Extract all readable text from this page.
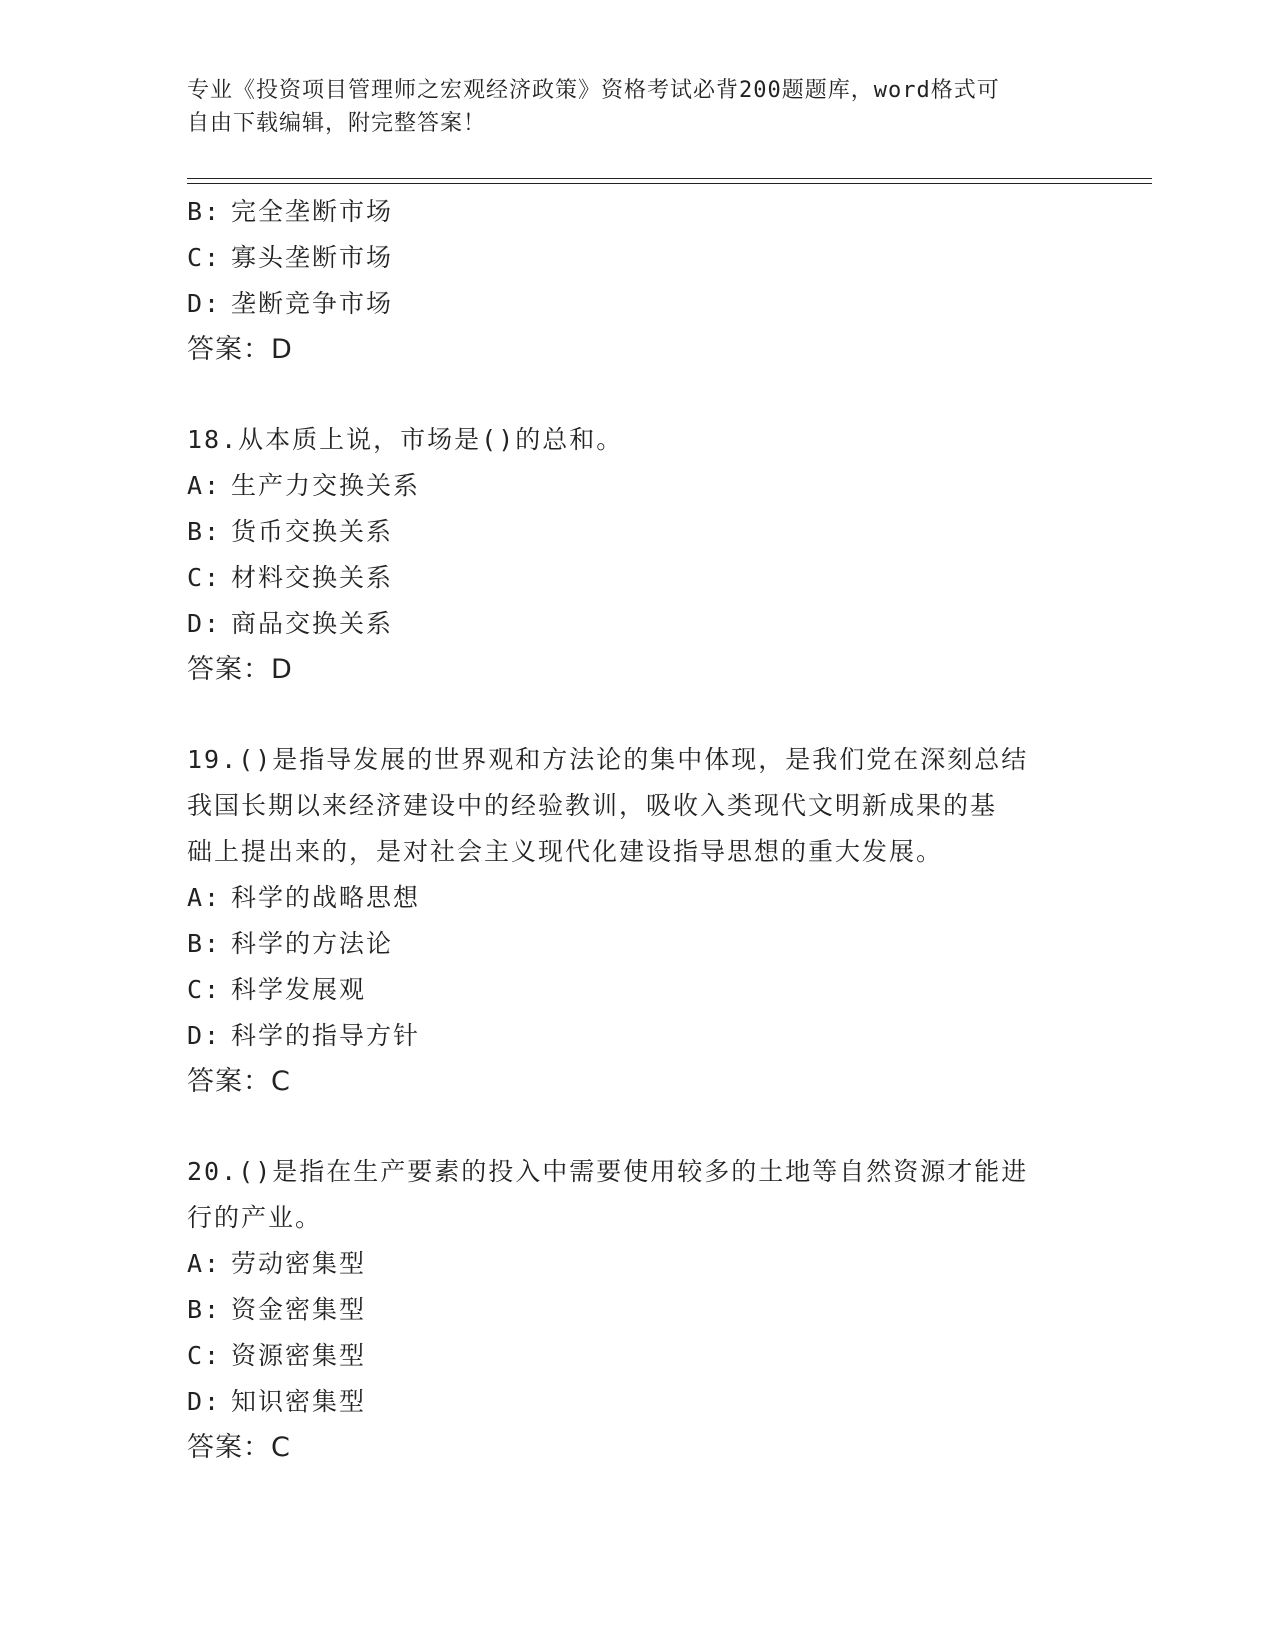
专业《投资项目管理师之宏观经济政策》资格考试必背200题题库，word格式可
自由下载编辑，附完整答案！
B: 完全垄断市场
C: 寡头垄断市场
D: 垄断竞争市场
答案：D
18.从本质上说，市场是()的总和。
A: 生产力交换关系
B: 货币交换关系
C: 材料交换关系
D: 商品交换关系
答案：D
19.()是指导发展的世界观和方法论的集中体现，是我们党在深刻总结
我国长期以来经济建设中的经验教训，吸收入类现代文明新成果的基
础上提出来的，是对社会主义现代化建设指导思想的重大发展。
A: 科学的战略思想
B: 科学的方法论
C: 科学发展观
D: 科学的指导方针
答案：C
20.()是指在生产要素的投入中需要使用较多的土地等自然资源才能进
行的产业。
A: 劳动密集型
B: 资金密集型
C: 资源密集型
D: 知识密集型
答案：C
